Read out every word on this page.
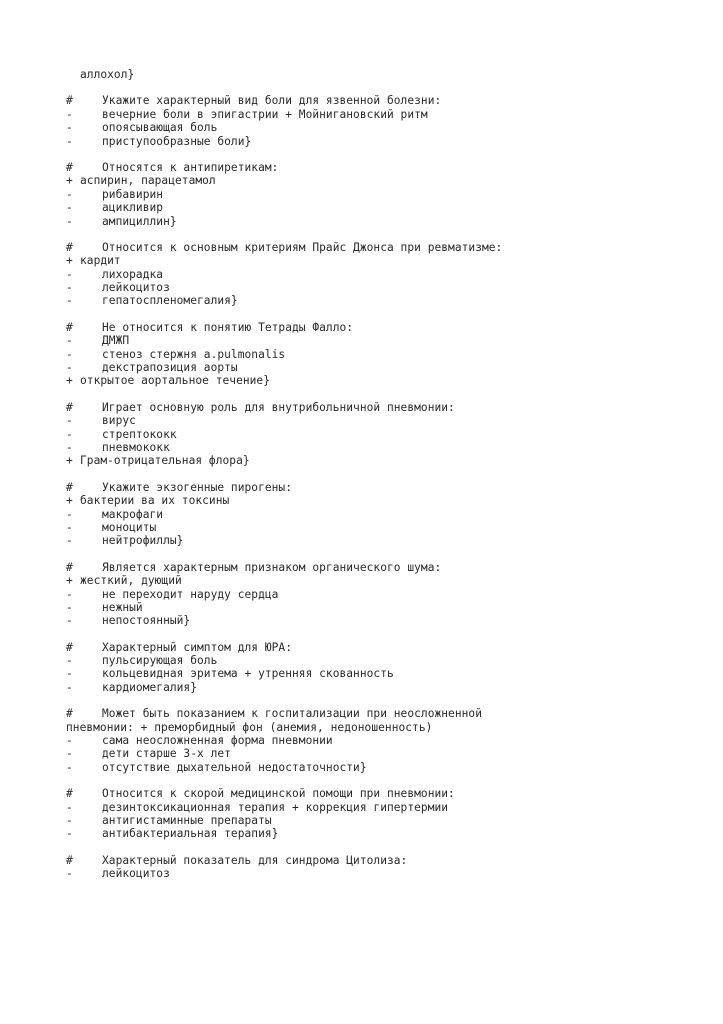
аллохол}
#	Укажите характерный вид боли для язвенной болезни:
-	вечерние боли в эпигастрии + Мойнигановский ритм
-	опоясывающая боль
-	приступообразные боли}
#	Относятся к антипиретикам:
+ аспирин, парацетамол
-	рибавирин
-	ацикливир
-	ампициллин}
#	Относится к основным критериям Прайс Джонса при ревматизме:
+ кардит
-	лихорадка
-	лейкоцитоз
-	гепатоспленомегалия}
#	Не относится к понятию Тетрады Фалло:
-	ДМЖП
-	стеноз стержня a.pulmonalis
-	декстрапозиция аорты
+ открытое аортальное течение}
#	Играет основную роль для внутрибольничной пневмонии:
-	вирус
-	стрептококк
-	пневмококк
+ Грам-отрицательная флора}
#	Укажите экзогенные пирогены:
+ бактерии ва их токсины
-	макрофаги
-	моноциты
-	нейтрофиллы}
#	Является характерным признаком органического шума:
+ жесткий, дующий
-	не переходит наруду сердца
-	нежный
-	непостоянный}
#	Характерный симптом для ЮРА:
-	пульсирующая боль
-	кольцевидная эритема + утренняя скованность
-	кардиомегалия}
#	Может быть показанием к госпитализации при неосложненной
пневмонии: + преморбидный фон (анемия, недоношенность)
-	сама неосложненная форма пневмонии
-	дети старше 3-х лет
-	отсутствие дыхательной недостаточности}
#	Относится к скорой медицинской помощи при пневмонии:
-	дезинтоксикационная терапия + коррекция гипертермии
-	антигистаминные препараты
-	антибактериальная терапия}
#	Характерный показатель для синдрома Цитолиза:
-	лейкоцитоз
